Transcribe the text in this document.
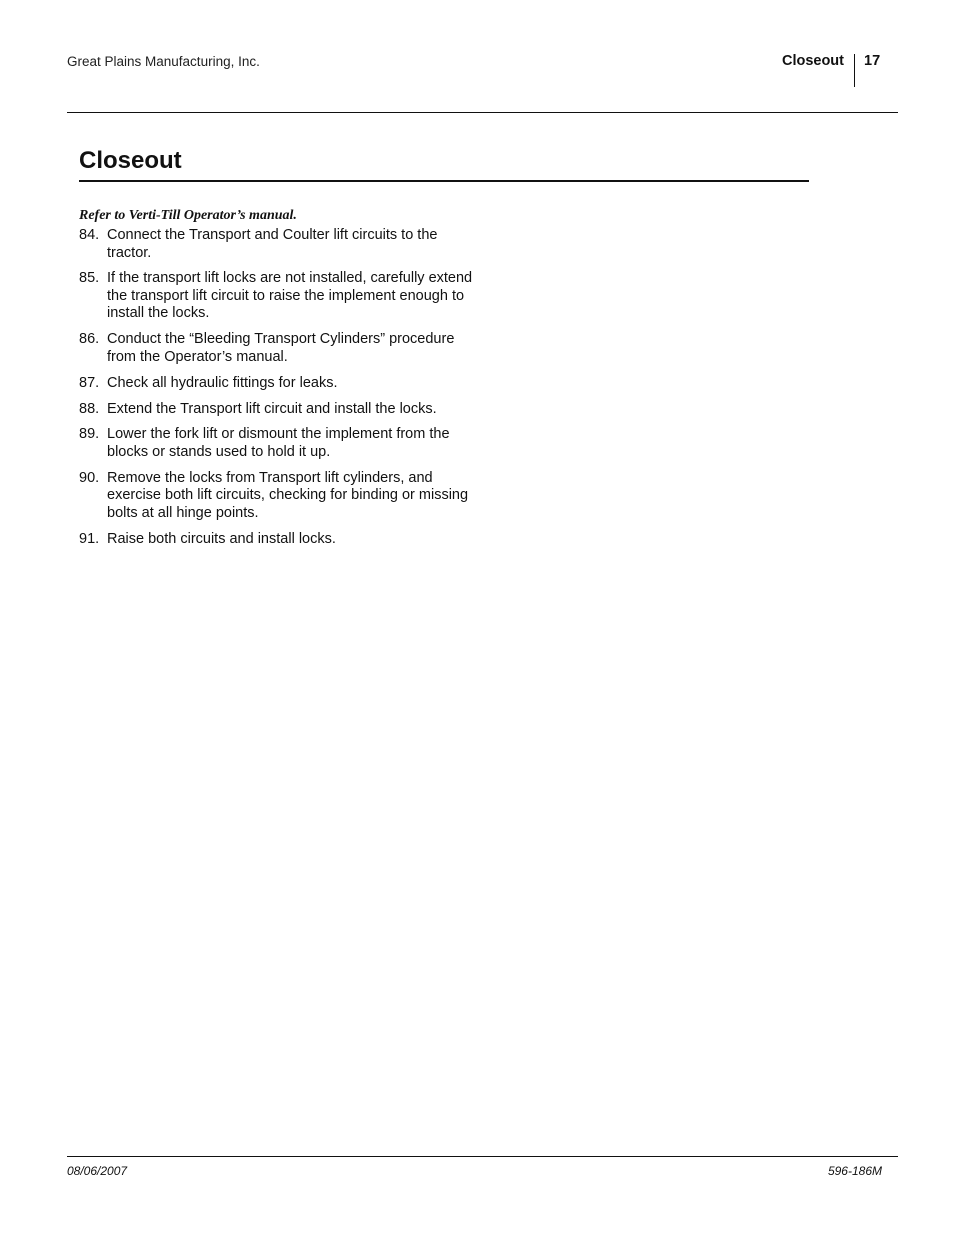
Great Plains Manufacturing, Inc.	Closeout 17
Closeout
Refer to Verti-Till Operator’s manual.
84. Connect the Transport and Coulter lift circuits to the tractor.
85. If the transport lift locks are not installed, carefully extend the transport lift circuit to raise the implement enough to install the locks.
86. Conduct the “Bleeding Transport Cylinders” procedure from the Operator’s manual.
87. Check all hydraulic fittings for leaks.
88. Extend the Transport lift circuit and install the locks.
89. Lower the fork lift or dismount the implement from the blocks or stands used to hold it up.
90. Remove the locks from Transport lift cylinders, and exercise both lift circuits, checking for binding or missing bolts at all hinge points.
91. Raise both circuits and install locks.
08/06/2007	596-186M
